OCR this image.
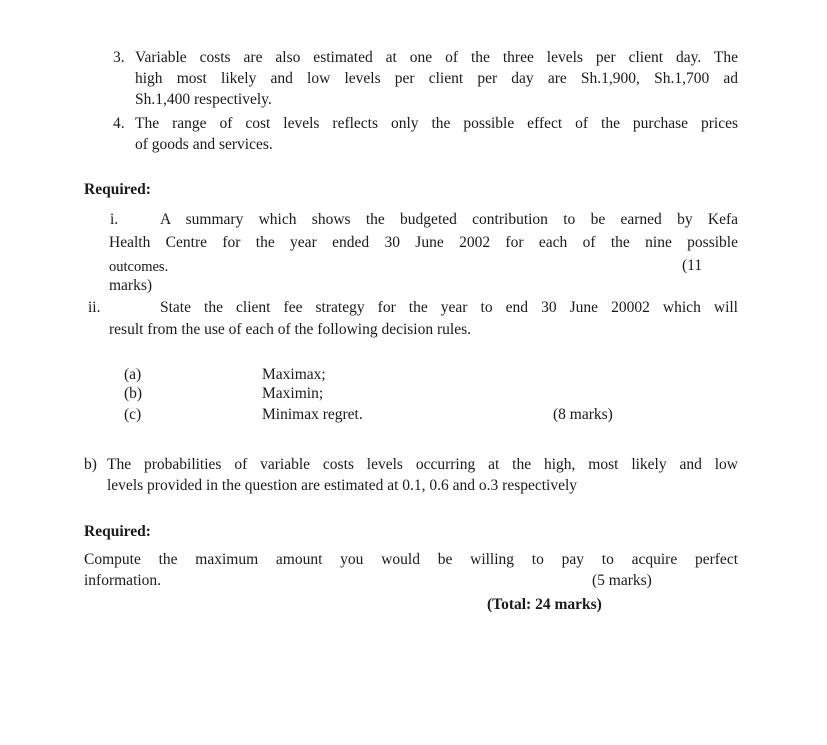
3. Variable costs are also estimated at one of the three levels per client day. The
high most likely and low levels per client per day are Sh.1,900, Sh.1,700 ad
Sh.1,400 respectively.
4. The range of cost levels reflects only the possible effect of the purchase prices
of goods and services.
Required:
i.	A summary which shows the budgeted contribution to be earned by Kefa
Health Centre for the year ended 30 June 2002 for each of the nine possible
outcomes.	(11
marks)
ii.	State the client fee strategy for the year to end 30 June 20002 which will
result from the use of each of the following decision rules.
(a)	Maximax;
(b)	Maximin;
(c)	Minimax regret.	(8 marks)
b) The probabilities of variable costs levels occurring at the high, most likely and low
levels provided in the question are estimated at 0.1, 0.6 and o.3 respectively
Required:
Compute the maximum amount you would be willing to pay to acquire perfect
information.	(5 marks)
(Total: 24 marks)
